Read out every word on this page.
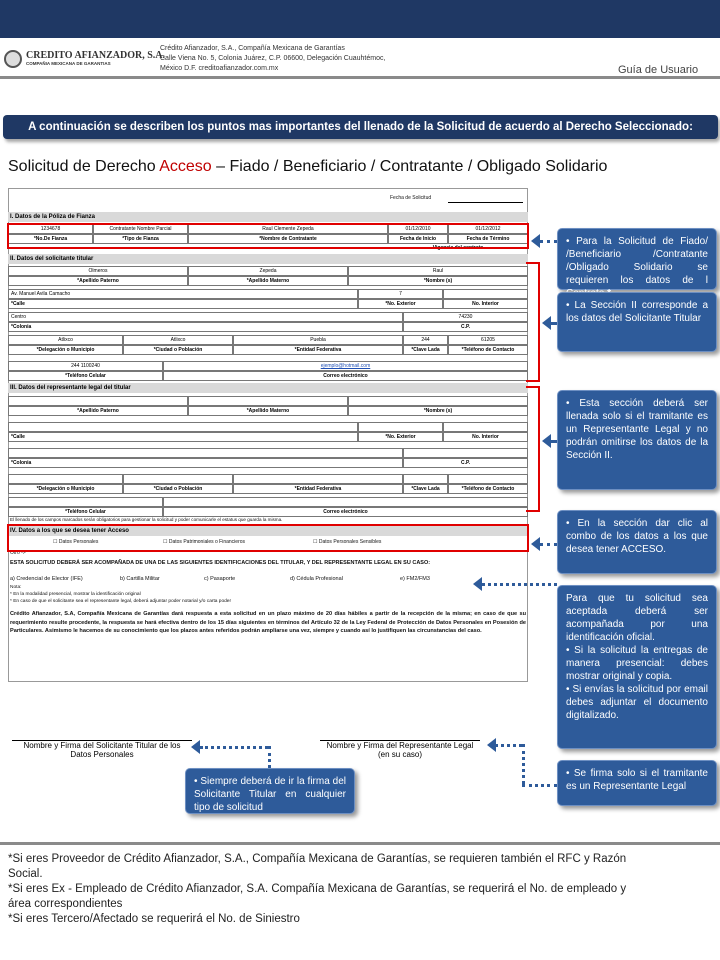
CREDITO AFIANZADOR, S.A.
COMPAÑIA MEXICANA DE GARANTIAS
Crédito Afianzador, S.A., Compañía Mexicana de Garantías
Calle Viena No. 5, Colonia Juárez, C.P. 06600, Delegación Cuauhtémoc,
México D.F. creditoafianzador.com.mx	Guía de Usuario
A continuación se describen los puntos mas importantes del llenado de la Solicitud de acuerdo al Derecho Seleccionado:
Solicitud de Derecho Acceso – Fiado / Beneficiario / Contratante / Obligado Solidario
Fecha de Solicitud
I. Datos de la Póliza de Fianza
1234678	Contratante Nombre Parcial	Raul Clemente Zepeda	01/12/2010	01/12/2012
*No.De Fianza	*Tipo de Fianza	*Nombre de Contratante	Fecha de Inicio	Fecha de Término
Vigencia del contrato
II. Datos del solicitante titular
Olmeros	Zepeda	Raul
*Apellido Paterno	*Apellido Materno	*Nombre (s)
Av. Manuel Avila Camacho	7
*Calle	*No. Exterior	No. Interior
Centro	74230
*Colonia	C.P.
Atlixco	Atlixco	Puebla	244	61205
*Delegación o Municipio	*Ciudad o Población	*Entidad Federativa	*Clave Lada	*Teléfono de Contacto
244 1100240	ejemplo@hotmail.com
*Teléfono Celular	Correo electrónico
III. Datos del representante legal del titular
*Apellido Paterno	*Apellido Materno	*Nombre (s)
*Calle	*No. Exterior	No. Interior
*Colonia	C.P.
*Delegación o Municipio	*Ciudad o Población	*Entidad Federativa	*Clave Lada	*Teléfono de Contacto
*Teléfono Celular	Correo electrónico
El llenado de los campos marcados serán obligatorios para gestionar la solicitud y poder comunicarle el estatus que guarda la misma.
IV. Datos a los que se desea tener Acceso
☐ Datos Personales	☐ Datos Patrimoniales o Financieros	☐ Datos Personales Sensibles
Otro ->
ESTA SOLICITUD DEBERÁ SER ACOMPAÑADA DE UNA DE LAS SIGUIENTES IDENTIFICACIONES DEL TITULAR, Y DEL REPRESENTANTE LEGAL EN SU CASO:
a) Credencial de Elector (IFE)	b) Cartilla Militar	c) Pasaporte	d) Cédula Profesional	e) FM2/FM3
Nota:
* En la modalidad presencial, mostrar la identificación original
* En caso de que el solicitante sea el representante legal, deberá adjuntar poder notarial y/o carta poder
Crédito Afianzador, S.A, Compañía Mexicana de Garantías dará respuesta a esta solicitud en un plazo máximo de 20 días hábiles a partir de la recepción de la misma; en caso de que su requerimiento resulte procedente, la respuesta se hará efectiva dentro de los 15 días siguientes en términos del Artículo 32 de la Ley Federal de Protección de Datos Personales en Posesión de Particulares. Asimismo le hacemos de su conocimiento que los plazos antes referidos podrán ampliarse una vez, siempre y cuando así lo justifiquen las circunstancias del caso.
Nombre y Firma del Solicitante Titular de los Datos Personales
Nombre y Firma del Representante Legal (en su caso)
• Para la Solicitud de Fiado/ /Beneficiario /Contratante /Obligado Solidario se requieren los datos de l
• La Sección II corresponde a los datos del Solicitante Titular
• Esta sección deberá ser llenada solo si el tramitante es un Representante Legal y no podrán omitirse los datos de la Sección II.
• En la sección dar clic al combo de los datos a los que desea tener ACCESO.
Para que tu solicitud sea aceptada deberá ser acompañada por una identificación oficial.
• Si la solicitud la entregas de manera presencial: debes mostrar original y copia.
• Si envías la solicitud por email debes adjuntar el documento digitalizado.
• Se firma solo si el tramitante es un Representante Legal
• Siempre deberá de ir la firma del Solicitante Titular en cualquier tipo de solicitud

*Si eres Proveedor de Crédito Afianzador, S.A., Compañía Mexicana de Garantías, se requieren también el RFC y Razón Social.

*Si eres Ex - Empleado de Crédito Afianzador, S.A. Compañía Mexicana de Garantías, se requerirá el No. de empleado y área correspondientes

*Si eres Tercero/Afectado se requerirá el No. de Siniestro
